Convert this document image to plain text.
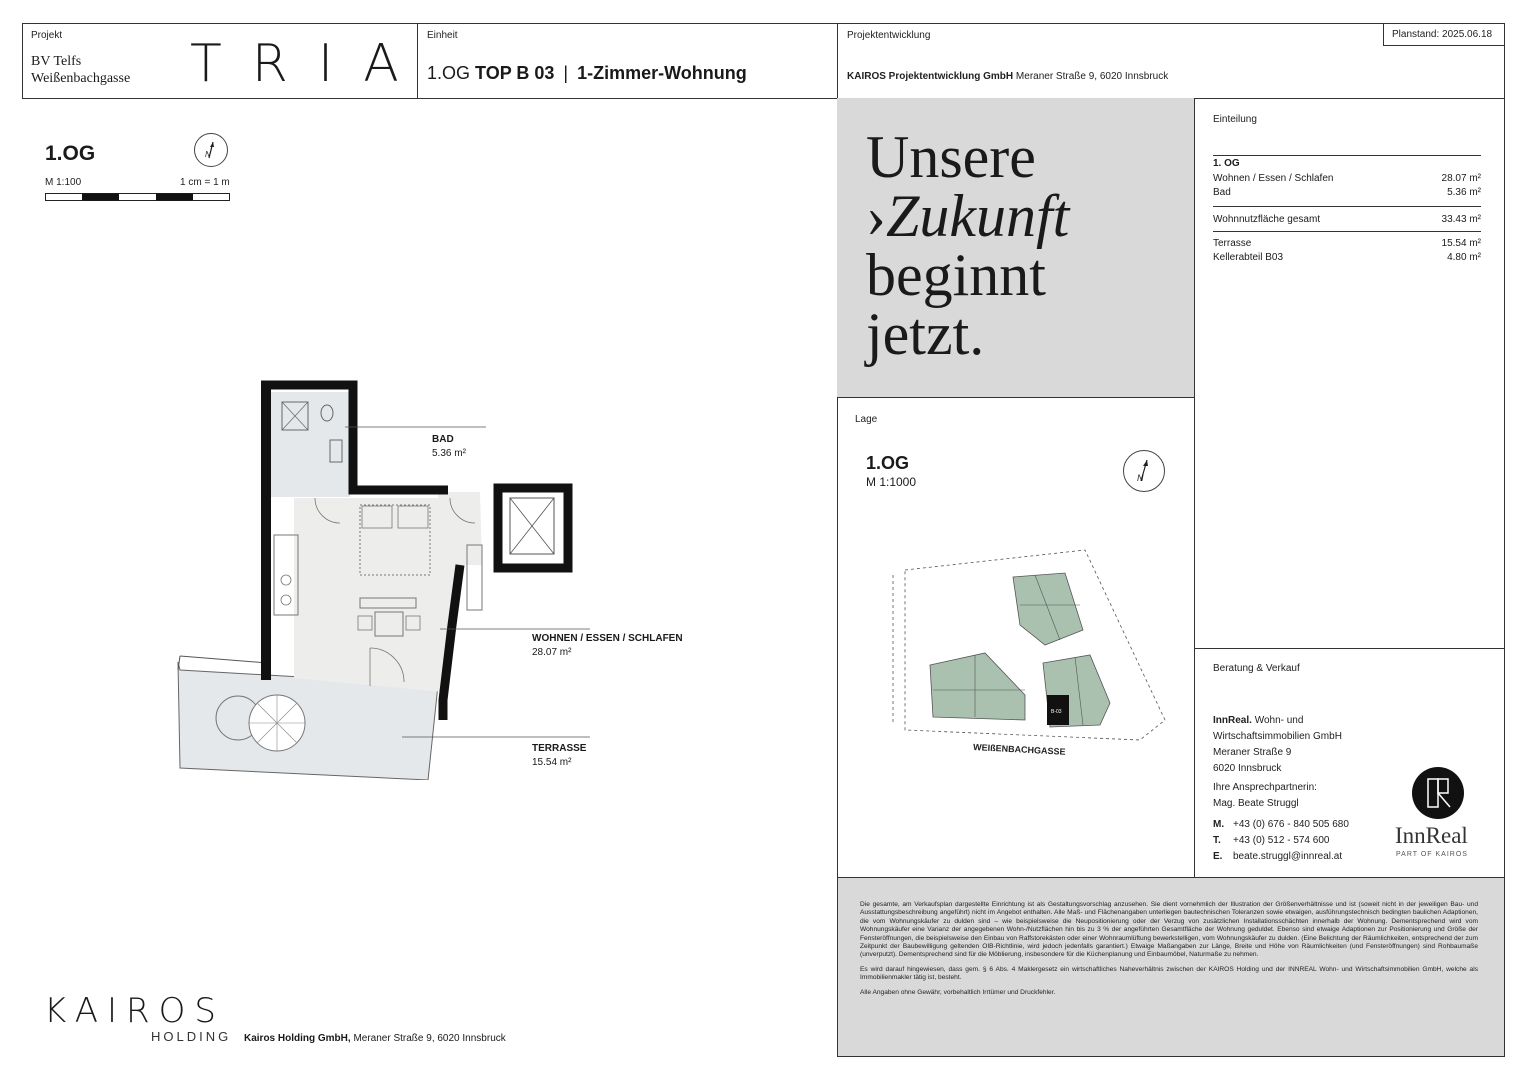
Projekt
BV Telfs
Weißenbachgasse TRIA
Einheit
1.OG TOP B 03 | 1-Zimmer-Wohnung
Projektentwicklung
KAIROS Projektentwicklung GmbH Meraner Straße 9, 6020 Innsbruck
Planstand: 2025.06.18
1.OG
M 1:100	1 cm = 1 m
N
BAD
5.36 m²
WOHNEN / ESSEN / SCHLAFEN
28.07 m²
TERRASSE
15.54 m²
Unsere
›Zukunft
beginnt
jetzt.
Einteilung
1. OG
Wohnen / Essen / Schlafen	28.07 m²
Bad	5.36 m²
Wohnnutzfläche gesamt	33.43 m²
Terrasse	15.54 m²
Kellerabteil B03	4.80 m²
Lage
1.OG
M 1:1000	N
B-03
WEIßENBACHGASSE
Beratung & Verkauf
InnReal. Wohn- und
Wirtschaftsimmobilien GmbH
Meraner Straße 9
6020 Innsbruck
Ihre Ansprechpartnerin:
Mag. Beate Struggl
M. +43 (0) 676 - 840 505 680
T. +43 (0) 512 - 574 600
E. beate.struggl@innreal.at
InnReal
PART OF KAIROS

Die gesamte, am Verkaufsplan dargestellte Einrichtung ist als Gestaltungsvorschlag anzusehen. Sie dient vornehmlich der Illustration der Größenverhältnisse und ist (soweit nicht in der jeweiligen Bau- und Ausstattungsbeschreibung angeführt) nicht im Angebot enthalten. Alle Maß- und Flächenangaben unterliegen bautechnischen Toleranzen sowie etwaigen, ausführungstechnisch bedingten baulichen Adaptionen, die vom Wohnungskäufer zu dulden sind – wie beispielsweise die Neupositionierung oder der Verzug von zusätzlichen Installationsschächten innerhalb der Wohnung. Dementsprechend wird vom Wohnungskäufer eine Varianz der angegebenen Wohn-/Nutzflächen hin bis zu 3 % der angeführten Gesamtfläche der Wohnung geduldet. Ebenso sind etwaige Adaptionen zur Positionierung und Größe der Fensteröffnungen, die beispielsweise den Einbau von Raffstorekästen oder einer Wohnraumlüftung bewerkstelligen, vom Wohnungskäufer zu dulden. (Eine Belichtung der Räumlichkeiten, entsprechend der zum Zeitpunkt der Baubewilligung geltenden OIB-Richtlinie, wird jedoch jedenfalls garantiert.) Etwaige Maßangaben zur Länge, Breite und Höhe von Räumlichkeiten (und Fensteröffnungen) sind Rohbaumaße (unverputzt). Dementsprechend sind für die Möblierung, insbesondere für die Küchenplanung und Einbaumöbel, Naturmaße zu nehmen.

Es wird darauf hingewiesen, dass gem. § 6 Abs. 4 Maklergesetz ein wirtschaftliches Naheverhältnis zwischen der KAIROS Holding und der INNREAL Wohn- und Wirtschaftsimmobilien GmbH, welche als Immobilienmakler tätig ist, besteht.

Alle Angaben ohne Gewähr, vorbehaltlich Irrtümer und Druckfehler.

KAIROS
HOLDING Kairos Holding GmbH, Meraner Straße 9, 6020 Innsbruck
